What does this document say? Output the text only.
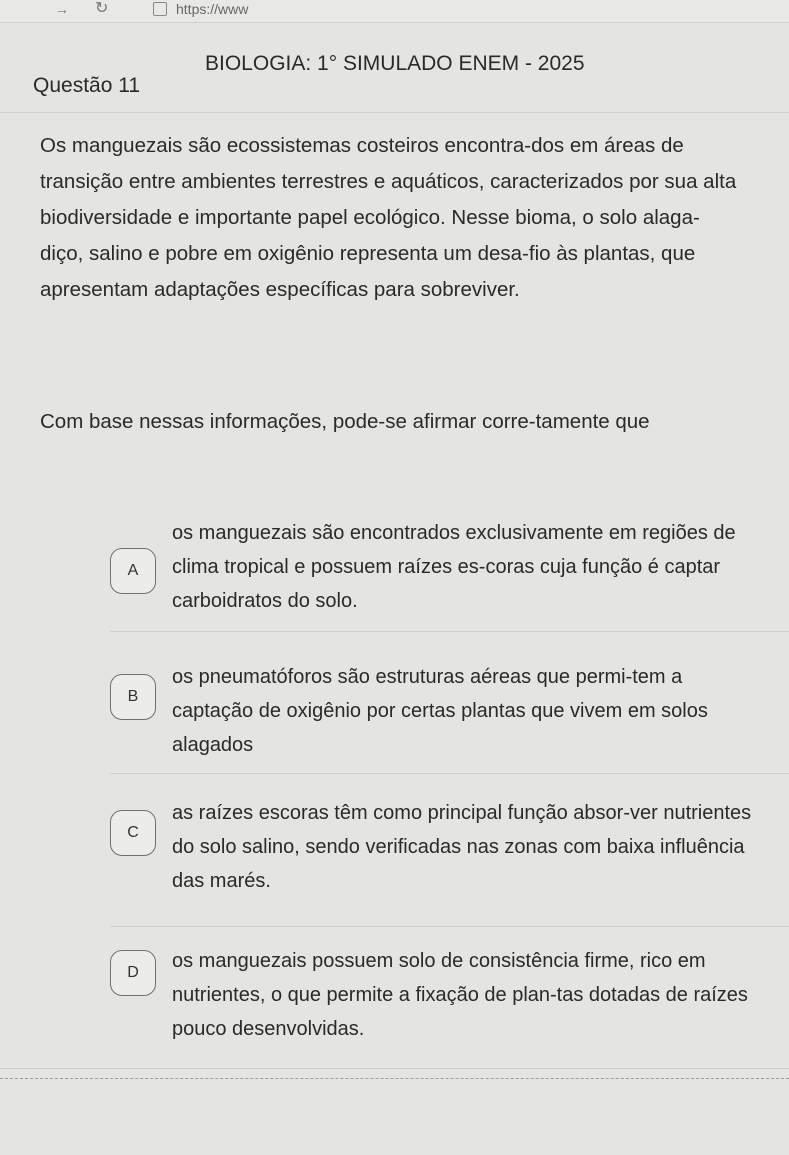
→ ↻	https://www
Questão 11
BIOLOGIA: 1° SIMULADO ENEM - 2025
Os manguezais são ecossistemas costeiros encontra-dos em áreas de transição entre ambientes terrestres e aquáticos, caracterizados por sua alta biodiversidade e importante papel ecológico. Nesse bioma, o solo alaga-diço, salino e pobre em oxigênio representa um desa-fio às plantas, que apresentam adaptações específicas para sobreviver.
Com base nessas informações, pode-se afirmar corre-tamente que
A
os manguezais são encontrados exclusivamente em regiões de clima tropical e possuem raízes es-coras cuja função é captar carboidratos do solo.
B
os pneumatóforos são estruturas aéreas que permi-tem a captação de oxigênio por certas plantas que vivem em solos alagados
C
as raízes escoras têm como principal função absor-ver nutrientes do solo salino, sendo verificadas nas zonas com baixa influência das marés.
D
os manguezais possuem solo de consistência firme, rico em nutrientes, o que permite a fixação de plan-tas dotadas de raízes pouco desenvolvidas.
